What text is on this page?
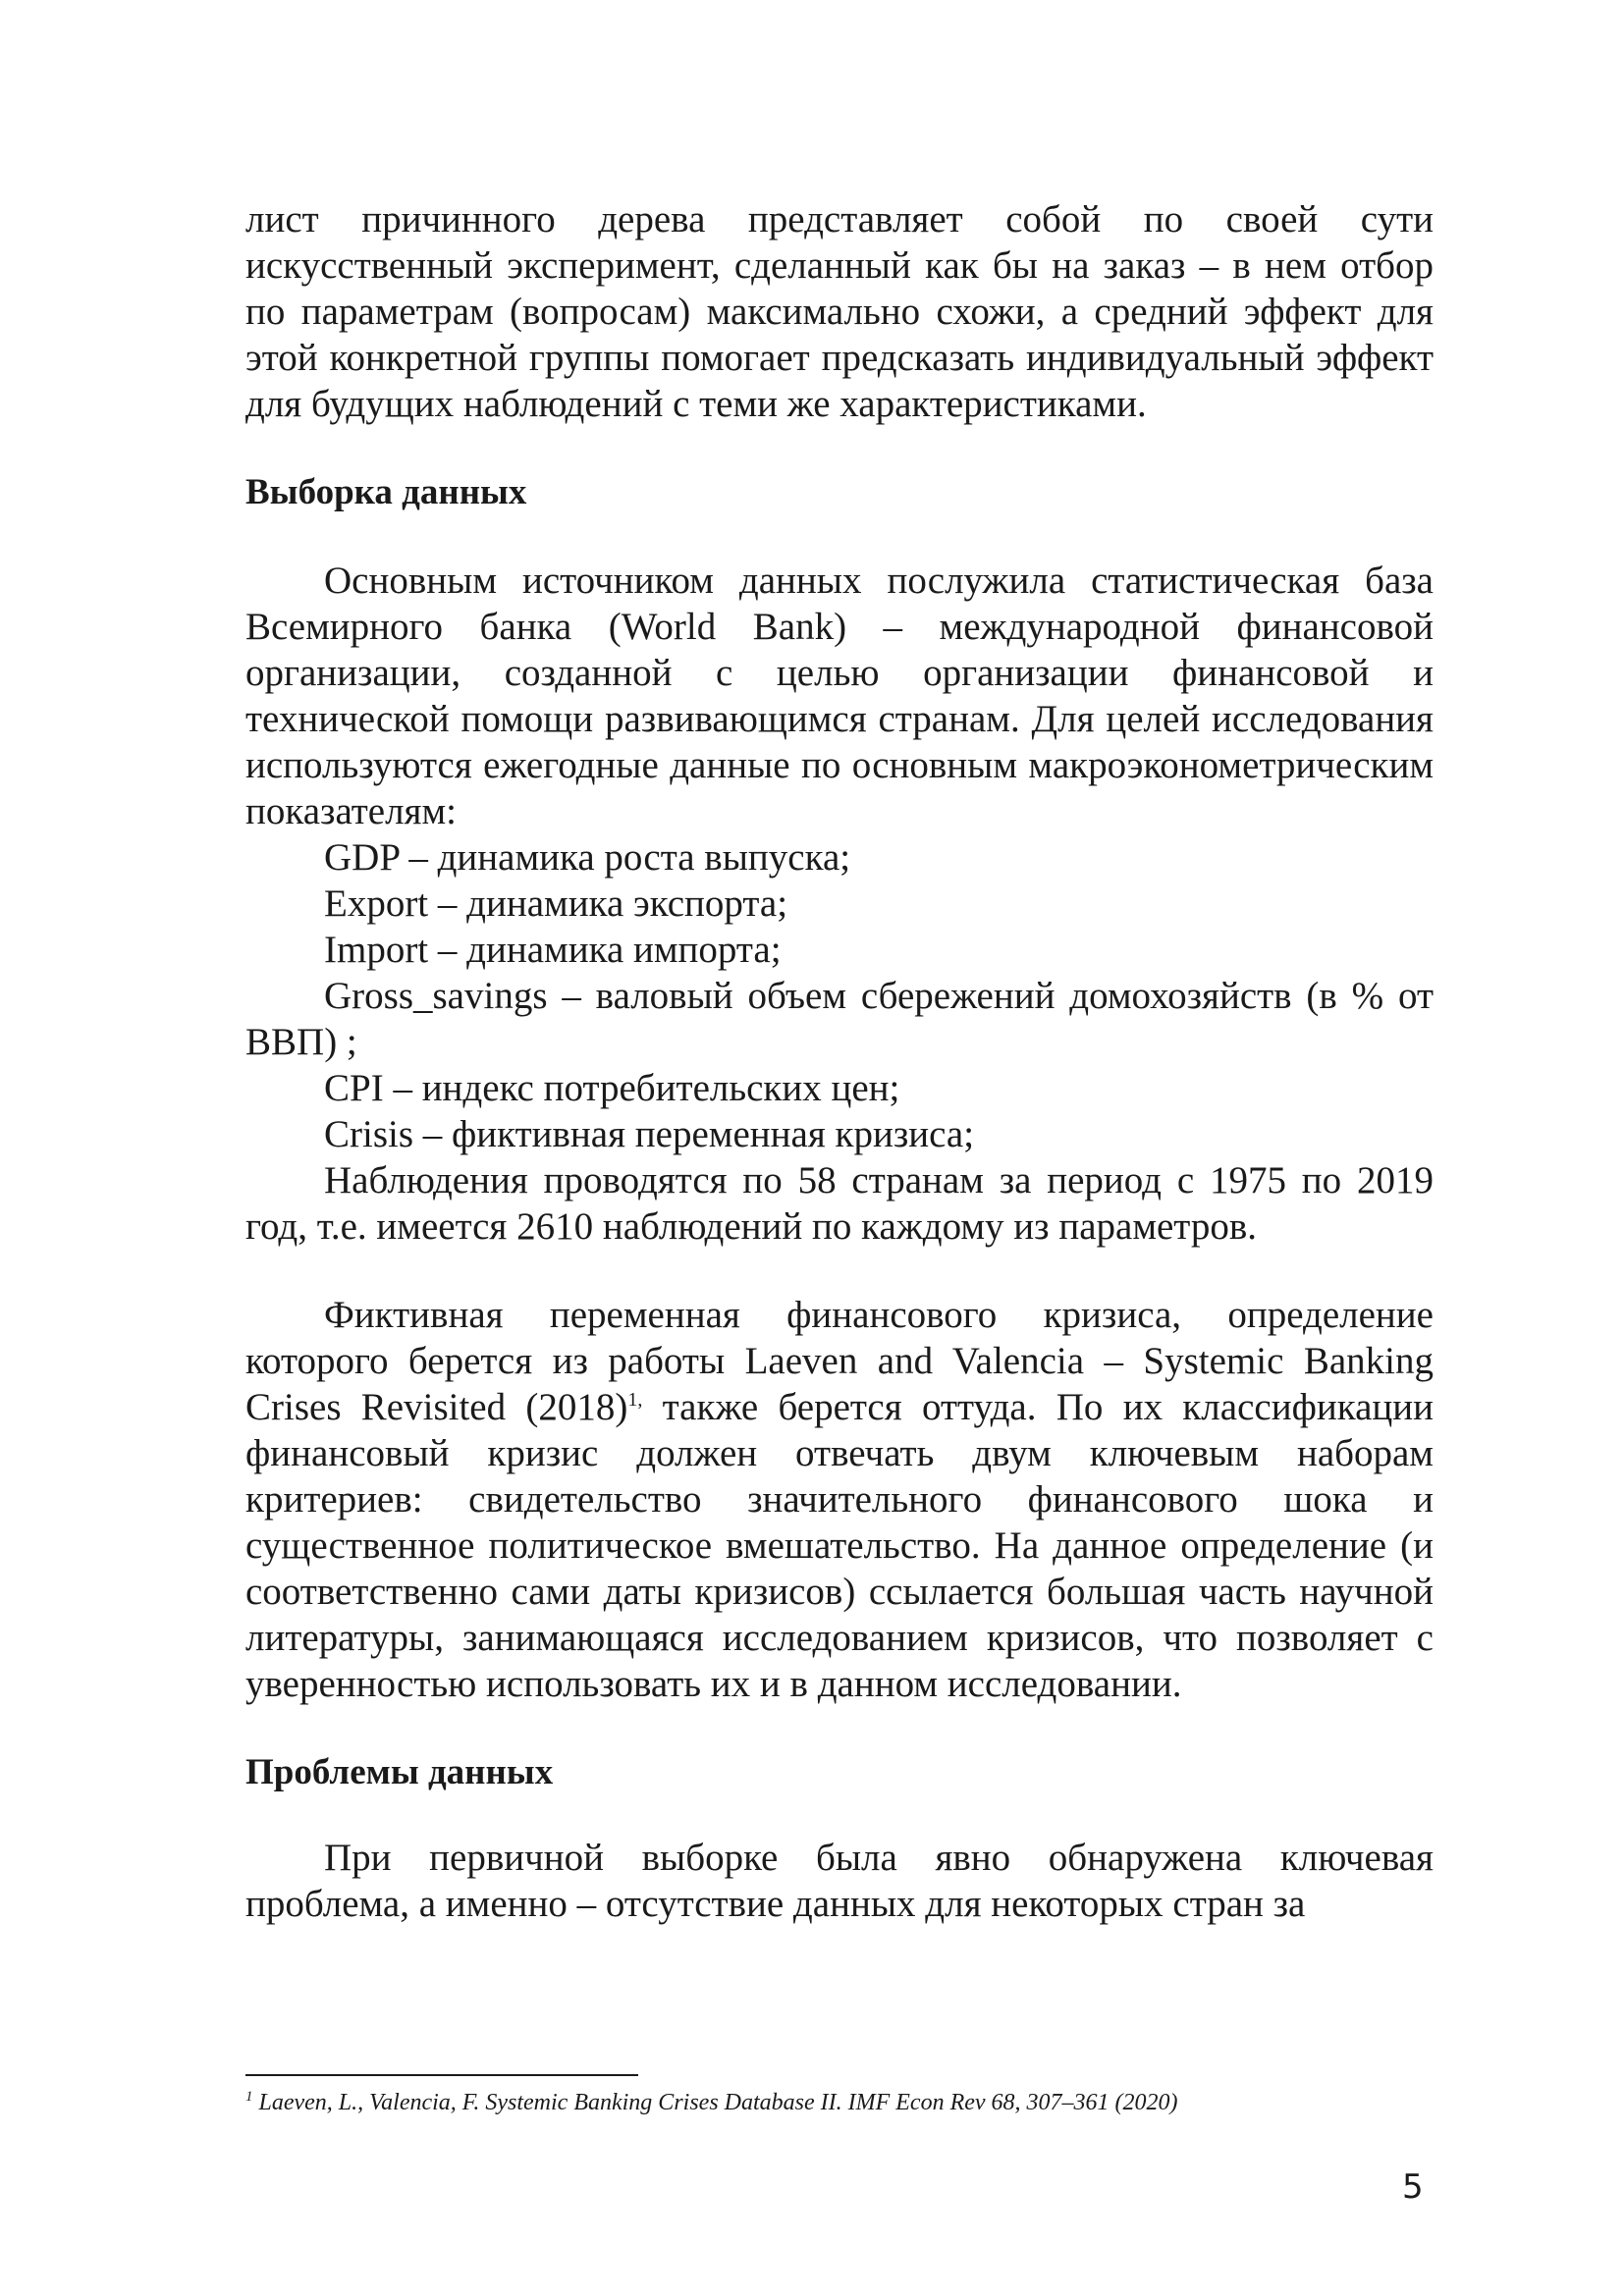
лист причинного дерева представляет собой по своей сути искусственный эксперимент, сделанный как бы на заказ – в нем отбор по параметрам (вопросам) максимально схожи, а средний эффект для этой конкретной группы помогает предсказать индивидуальный эффект для будущих наблюдений с теми же характеристиками.

Выборка данных

Основным источником данных послужила статистическая база Всемирного банка (World Bank) – международной финансовой организации, созданной с целью организации финансовой и технической помощи развивающимся странам. Для целей исследования используются ежегодные данные по основным макроэконометрическим показателям:

GDP – динамика роста выпуска;

Export – динамика экспорта;

Import – динамика импорта;

Gross_savings – валовый объем сбережений домохозяйств (в % от ВВП) ;

CPI – индекс потребительских цен;

Crisis – фиктивная переменная кризиса;

Наблюдения проводятся по 58 странам за период с 1975 по 2019 год, т.е. имеется 2610 наблюдений по каждому из параметров.

Фиктивная переменная финансового кризиса, определение которого берется из работы Laeven and Valencia – Systemic Banking Crises Revisited $(2018)^{1,}$ также берется оттуда. По их классификации финансовый кризис должен отвечать двум ключевым наборам критериев: свидетельство значительного финансового шока и существенное политическое вмешательство. На данное определение (и соответственно сами даты кризисов) ссылается большая часть научной литературы, занимающаяся исследованием кризисов, что позволяет с уверенностью использовать их и в данном исследовании.

Проблемы данных

При первичной выборке была явно обнаружена ключевая проблема, а именно – отсутствие данных для некоторых стран за

$^1$ Laeven, L., Valencia, F. Systemic Banking Crises Database II. IMF Econ Rev 68, 307–361 (2020)

5
